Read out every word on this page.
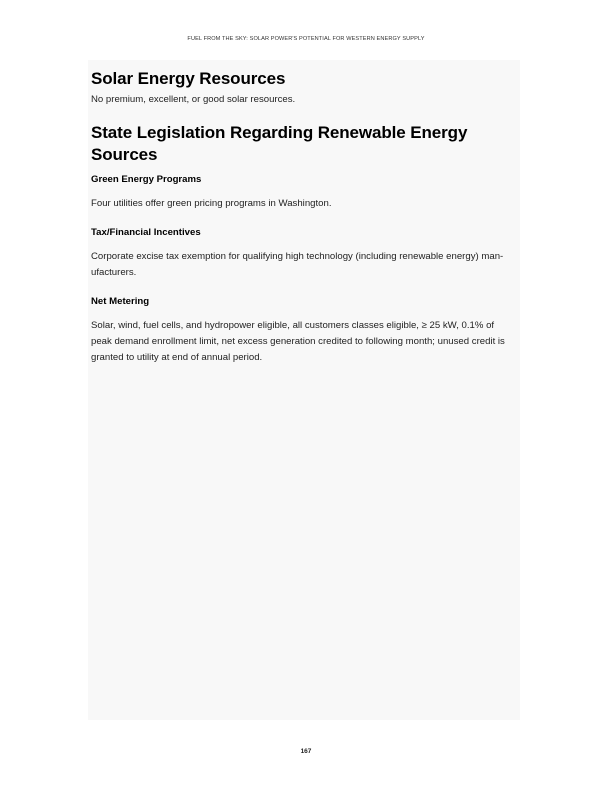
FUEL FROM THE SKY: SOLAR POWER'S POTENTIAL FOR WESTERN ENERGY SUPPLY
Solar Energy Resources

No premium, excellent, or good solar resources.

State Legislation Regarding Renewable Energy Sources
Green Energy Programs

Four utilities offer green pricing programs in Washington.

Tax/Financial Incentives

Corporate excise tax exemption for qualifying high technology (including renewable energy) man-ufacturers.

Net Metering

Solar, wind, fuel cells, and hydropower eligible, all customers classes eligible, ≥ 25 kW, 0.1% of peak demand enrollment limit, net excess generation credited to following month; unused credit is granted to utility at end of annual period.

167
